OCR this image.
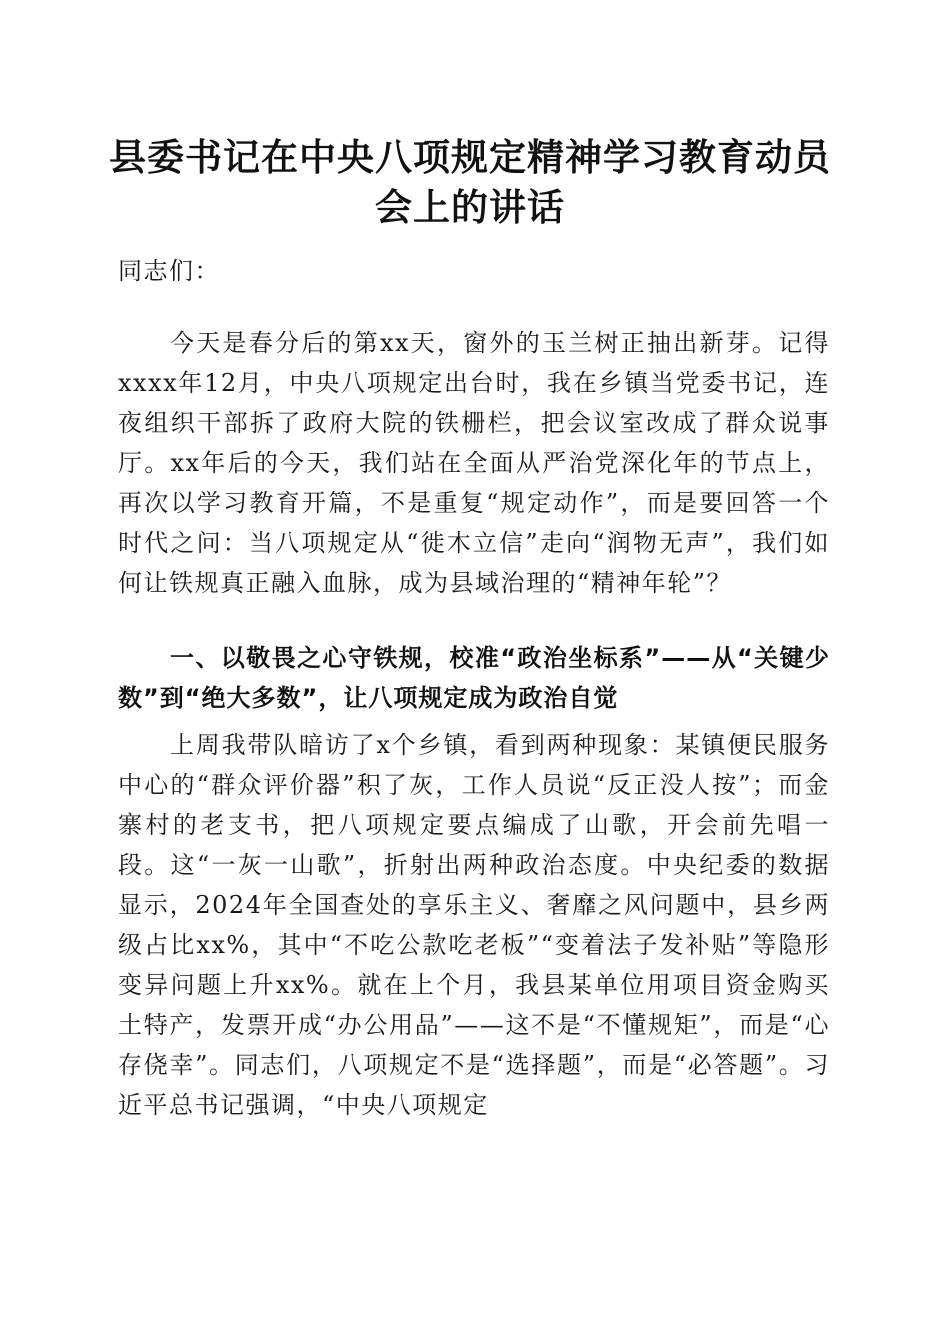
县委书记在中央八项规定精神学习教育动员会上的讲话
同志们：
今天是春分后的第xx天，窗外的玉兰树正抽出新芽。记得xxxx年12月，中央八项规定出台时，我在乡镇当党委书记，连夜组织干部拆了政府大院的铁栅栏，把会议室改成了群众说事厅。xx年后的今天，我们站在全面从严治党深化年的节点上，再次以学习教育开篇，不是重复“规定动作”，而是要回答一个时代之问：当八项规定从“徙木立信”走向“润物无声”，我们如何让铁规真正融入血脉，成为县域治理的“精神年轮”？
一、以敬畏之心守铁规，校准“政治坐标系”——从“关键少数”到“绝大多数”，让八项规定成为政治自觉
上周我带队暗访了x个乡镇，看到两种现象：某镇便民服务中心的“群众评价器”积了灰，工作人员说“反正没人按”；而金寨村的老支书，把八项规定要点编成了山歌，开会前先唱一段。这“一灰一山歌”，折射出两种政治态度。中央纪委的数据显示，2024年全国查处的享乐主义、奢靡之风问题中，县乡两级占比xx%，其中“不吃公款吃老板”“变着法子发补贴”等隐形变异问题上升xx%。就在上个月，我县某单位用项目资金购买土特产，发票开成“办公用品”——这不是“不懂规矩”，而是“心存侥幸”。同志们，八项规定不是“选择题”，而是“必答题”。习近平总书记强调，“中央八项规定
